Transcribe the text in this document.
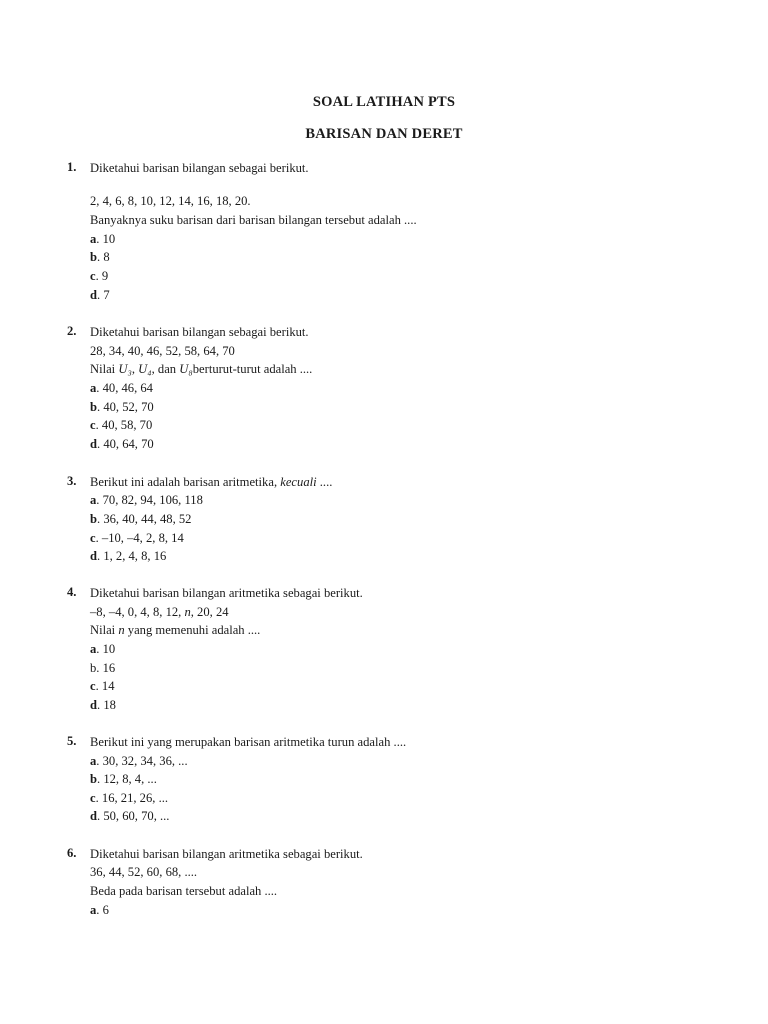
SOAL LATIHAN PTS
BARISAN DAN DERET
1. Diketahui barisan bilangan sebagai berikut.
2, 4, 6, 8, 10, 12, 14, 16, 18, 20.
Banyaknya suku barisan dari barisan bilangan tersebut adalah ....
a. 10
b. 8
c. 9
d. 7
2. Diketahui barisan bilangan sebagai berikut.
28, 34, 40, 46, 52, 58, 64, 70
Nilai U₃, U₄, dan U₈berturut-turut adalah ....
a. 40, 46, 64
b. 40, 52, 70
c. 40, 58, 70
d. 40, 64, 70
3. Berikut ini adalah barisan aritmetika, kecuali ....
a. 70, 82, 94, 106, 118
b. 36, 40, 44, 48, 52
c. –10, –4, 2, 8, 14
d. 1, 2, 4, 8, 16
4. Diketahui barisan bilangan aritmetika sebagai berikut.
–8, –4, 0, 4, 8, 12, n, 20, 24
Nilai n yang memenuhi adalah ....
a. 10
b. 16
c. 14
d. 18
5. Berikut ini yang merupakan barisan aritmetika turun adalah ....
a. 30, 32, 34, 36, ...
b. 12, 8, 4, ...
c. 16, 21, 26, ...
d. 50, 60, 70, ...
6. Diketahui barisan bilangan aritmetika sebagai berikut.
36, 44, 52, 60, 68, ....
Beda pada barisan tersebut adalah ....
a. 6
